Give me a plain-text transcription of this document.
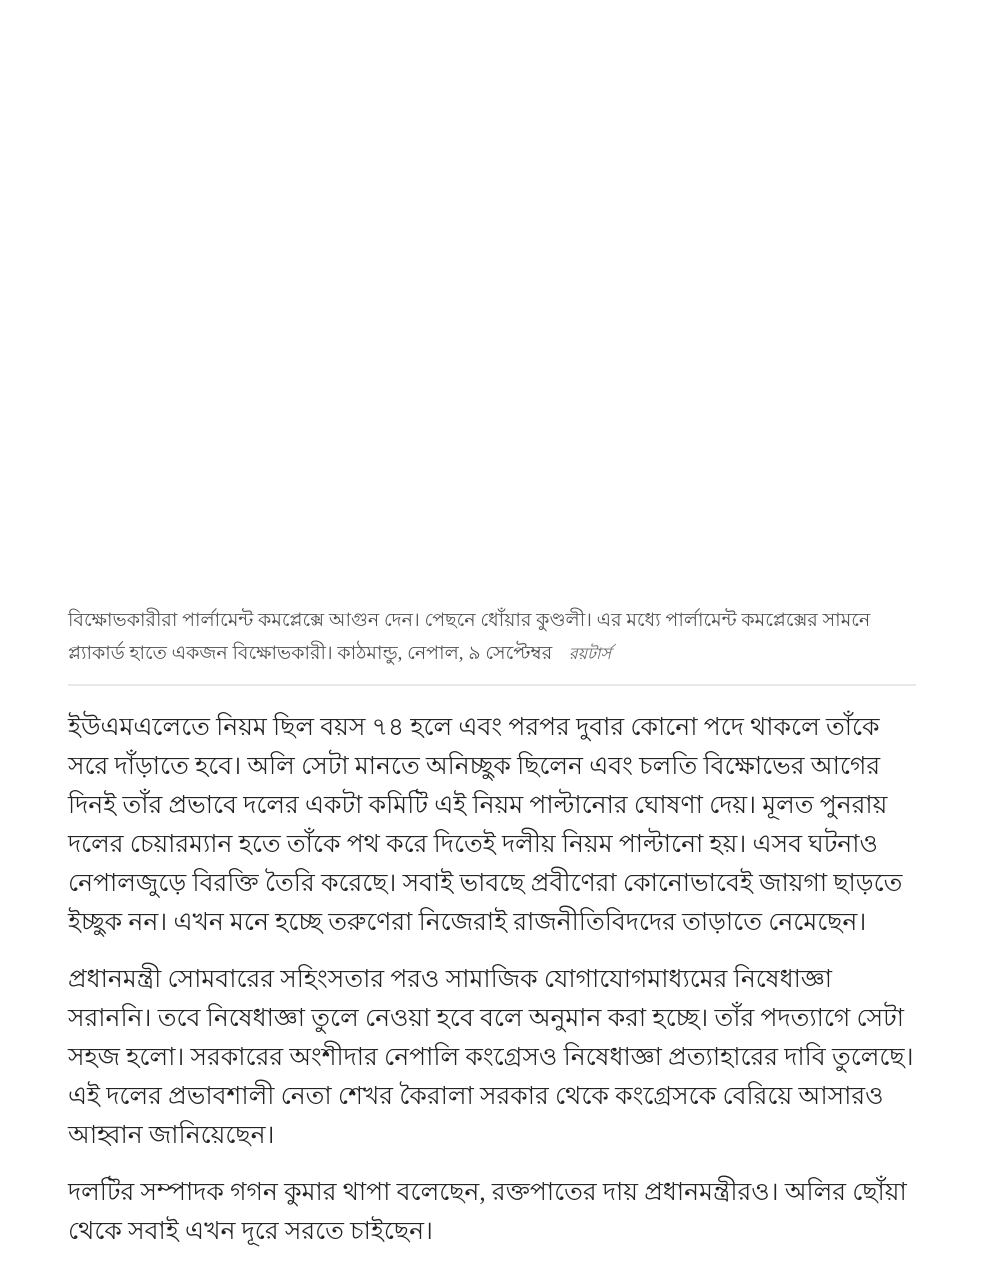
বিক্ষোভকারীরা পার্লামেন্ট কমপ্লেক্সে আগুন দেন। পেছনে ধোঁয়ার কুণ্ডলী। এর মধ্যে পার্লামেন্ট কমপ্লেক্সের সামনে প্ল্যাকার্ড হাতে একজন বিক্ষোভকারী। কাঠমান্ডু, নেপাল, ৯ সেপ্টেম্বর রয়টার্স

ইউএমএলেতে নিয়ম ছিল বয়স ৭৪ হলে এবং পরপর দুবার কোনো পদে থাকলে তাঁকে সরে দাঁড়াতে হবে। অলি সেটা মানতে অনিচ্ছুক ছিলেন এবং চলতি বিক্ষোভের আগের দিনই তাঁর প্রভাবে দলের একটা কমিটি এই নিয়ম পাল্টানোর ঘোষণা দেয়। মূলত পুনরায় দলের চেয়ারম্যান হতে তাঁকে পথ করে দিতেই দলীয় নিয়ম পাল্টানো হয়। এসব ঘটনাও নেপালজুড়ে বিরক্তি তৈরি করেছে। সবাই ভাবছে প্রবীণেরা কোনোভাবেই জায়গা ছাড়তে ইচ্ছুক নন। এখন মনে হচ্ছে তরুণেরা নিজেরাই রাজনীতিবিদদের তাড়াতে নেমেছেন।

প্রধানমন্ত্রী সোমবারের সহিংসতার পরও সামাজিক যোগাযোগমাধ্যমের নিষেধাজ্ঞা সরাননি। তবে নিষেধাজ্ঞা তুলে নেওয়া হবে বলে অনুমান করা হচ্ছে। তাঁর পদত্যাগে সেটা সহজ হলো। সরকারের অংশীদার নেপালি কংগ্রেসও নিষেধাজ্ঞা প্রত্যাহারের দাবি তুলেছে। এই দলের প্রভাবশালী নেতা শেখর কৈরালা সরকার থেকে কংগ্রেসকে বেরিয়ে আসারও আহ্বান জানিয়েছেন।

দলটির সম্পাদক গগন কুমার থাপা বলেছেন, রক্তপাতের দায় প্রধানমন্ত্রীরও। অলির ছোঁয়া থেকে সবাই এখন দূরে সরতে চাইছেন।
